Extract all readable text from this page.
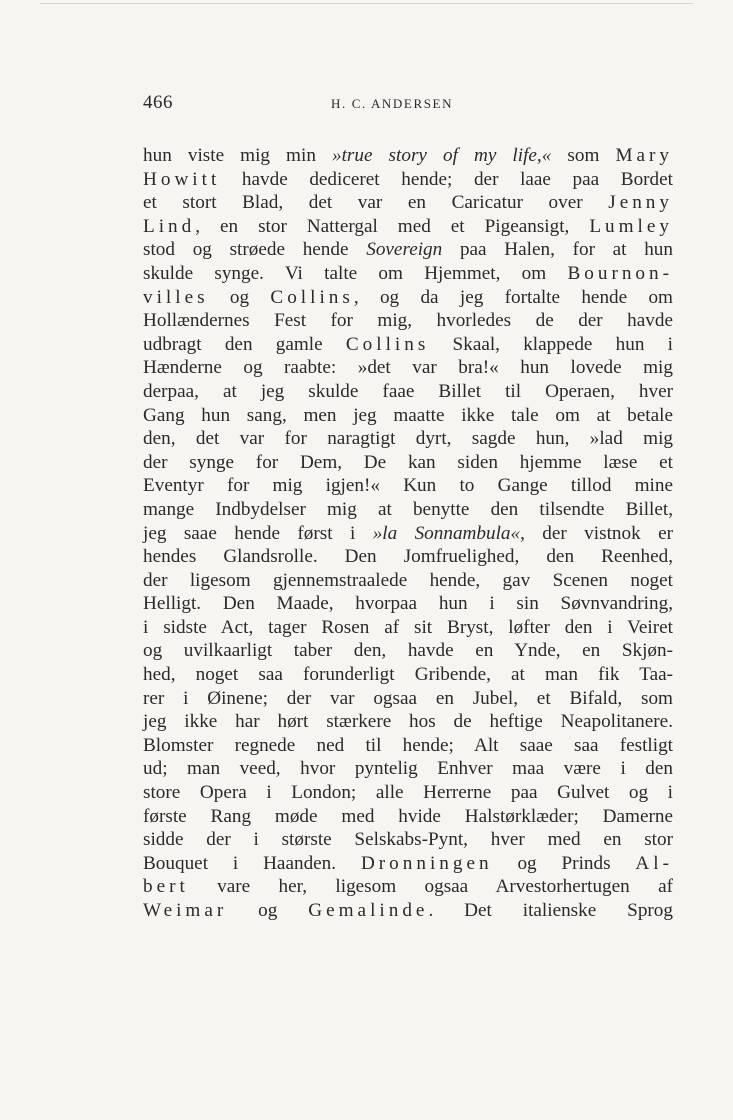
466	H. C. ANDERSEN
hun viste mig min »true story of my life,« som Mary
Howitt havde dediceret hende; der laae paa Bordet
et stort Blad, det var en Caricatur over Jenny
Lind, en stor Nattergal med et Pigeansigt, Lumley
stod og strøede hende Sovereign paa Halen, for at hun
skulde synge. Vi talte om Hjemmet, om Bournon-
villes og Collins, og da jeg fortalte hende om
Hollændernes Fest for mig, hvorledes de der havde
udbragt den gamle Collins Skaal, klappede hun i
Hænderne og raabte: »det var bra!« hun lovede mig
derpaa, at jeg skulde faae Billet til Operaen, hver
Gang hun sang, men jeg maatte ikke tale om at betale
den, det var for naragtigt dyrt, sagde hun, »lad mig
der synge for Dem, De kan siden hjemme læse et
Eventyr for mig igjen!« Kun to Gange tillod mine
mange Indbydelser mig at benytte den tilsendte Billet,
jeg saae hende først i »la Sonnambula«, der vistnok er
hendes Glandsrolle. Den Jomfruelighed, den Reenhed,
der ligesom gjennemstraalede hende, gav Scenen noget
Helligt. Den Maade, hvorpaa hun i sin Søvnvandring,
i sidste Act, tager Rosen af sit Bryst, løfter den i Veiret
og uvilkaarligt taber den, havde en Ynde, en Skjøn-
hed, noget saa forunderligt Gribende, at man fik Taa-
rer i Øinene; der var ogsaa en Jubel, et Bifald, som
jeg ikke har hørt stærkere hos de heftige Neapolitanere.
Blomster regnede ned til hende; Alt saae saa festligt
ud; man veed, hvor pyntelig Enhver maa være i den
store Opera i London; alle Herrerne paa Gulvet og i
første Rang møde med hvide Halstørklæder; Damerne
sidde der i største Selskabs-Pynt, hver med en stor
Bouquet i Haanden. Dronningen og Prinds Al-
bert vare her, ligesom ogsaa Arvestorhertugen af
Weimar og Gemalinde. Det italienske Sprog
